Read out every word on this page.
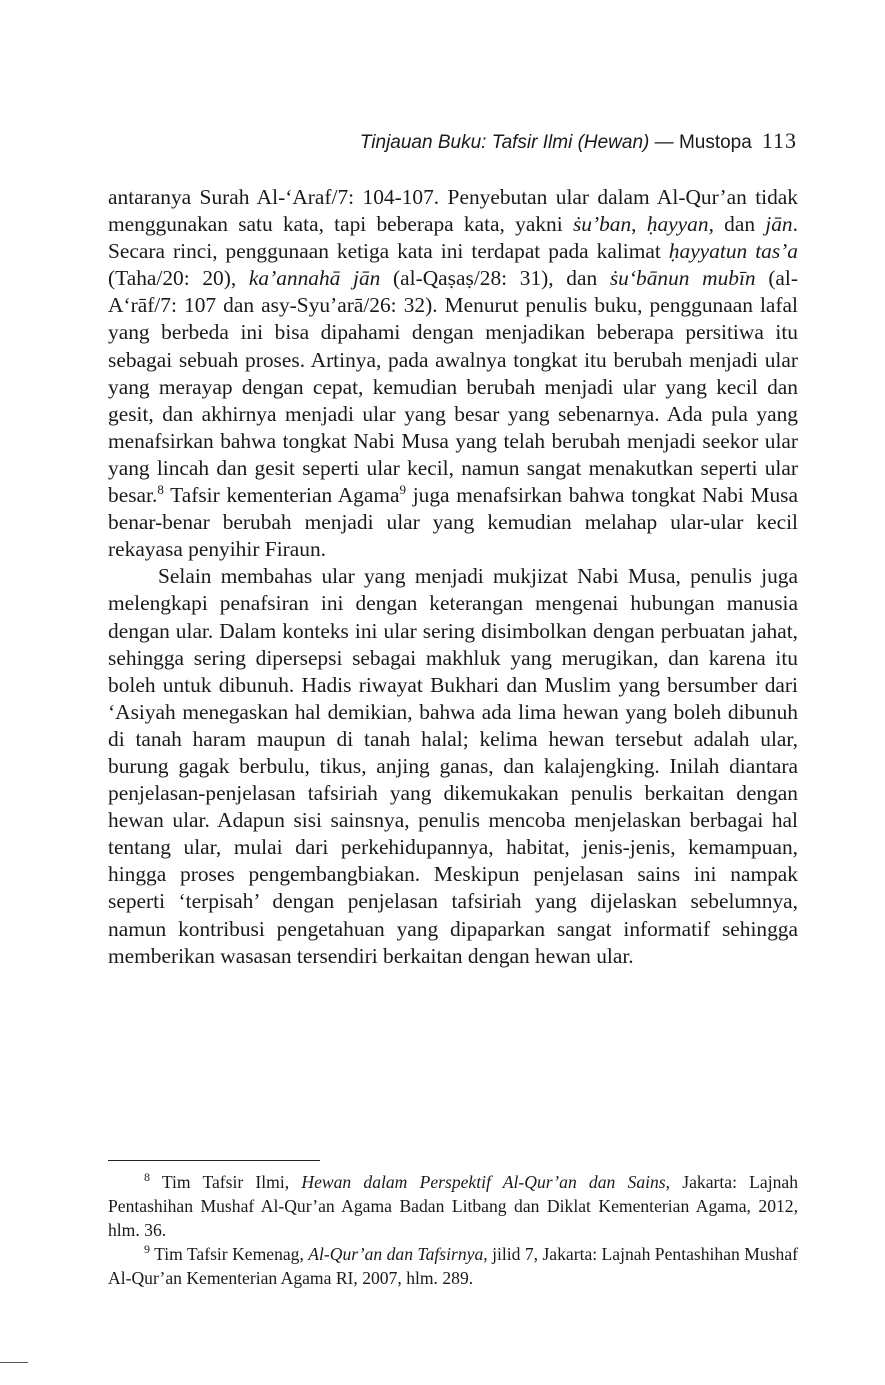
Tinjauan Buku: Tafsir Ilmi (Hewan) — Mustopa 113

antaranya Surah Al-‘Araf/7: 104-107. Penyebutan ular dalam Al-Qur’an tidak menggunakan satu kata, tapi beberapa kata, yakni ṡu’ban, ḥayyan, dan jān. Secara rinci, penggunaan ketiga kata ini terdapat pada kalimat ḥayyatun tas’a (Taha/20: 20), ka’annahā jān (al-Qaṣaṣ/28: 31), dan ṡu‘bānun mubīn (al-A‘rāf/7: 107 dan asy-Syu’arā/26: 32). Menurut penulis buku, penggunaan lafal yang berbeda ini bisa dipahami dengan menjadikan beberapa persitiwa itu sebagai sebuah proses. Artinya, pada awalnya tongkat itu berubah menjadi ular yang merayap dengan cepat, kemudian berubah menjadi ular yang kecil dan gesit, dan akhirnya menjadi ular yang besar yang sebenarnya. Ada pula yang menafsirkan bahwa tongkat Nabi Musa yang telah berubah menjadi seekor ular yang lincah dan gesit seperti ular kecil, namun sangat menakutkan seperti ular besar.$^8$ Tafsir kementerian Agama$^9$ juga menafsirkan bahwa tongkat Nabi Musa benar-benar berubah menjadi ular yang kemudian melahap ular-ular kecil rekayasa penyihir Firaun.

Selain membahas ular yang menjadi mukjizat Nabi Musa, penulis juga melengkapi penafsiran ini dengan keterangan mengenai hubungan manusia dengan ular. Dalam konteks ini ular sering disimbolkan dengan perbuatan jahat, sehingga sering dipersepsi sebagai makhluk yang merugikan, dan karena itu boleh untuk dibunuh. Hadis riwayat Bukhari dan Muslim yang bersumber dari ‘Asiyah menegaskan hal demikian, bahwa ada lima hewan yang boleh dibunuh di tanah haram maupun di tanah halal; kelima hewan tersebut adalah ular, burung gagak berbulu, tikus, anjing ganas, dan kalajengking. Inilah diantara penjelasan-penjelasan tafsiriah yang dikemukakan penulis berkaitan dengan hewan ular. Adapun sisi sainsnya, penulis mencoba menjelaskan berbagai hal tentang ular, mulai dari perkehidupannya, habitat, jenis-jenis, kemampuan, hingga proses pengembangbiakan. Meskipun penjelasan sains ini nampak seperti ‘terpisah’ dengan penjelasan tafsiriah yang dijelaskan sebelumnya, namun kontribusi pengetahuan yang dipaparkan sangat informatif sehingga memberikan wasasan tersendiri berkaitan dengan hewan ular.

$^8$ Tim Tafsir Ilmi, Hewan dalam Perspektif Al-Qur’an dan Sains, Jakarta: Lajnah Pentashihan Mushaf Al-Qur’an Agama Badan Litbang dan Diklat Kementerian Agama, 2012, hlm. 36.

$^9$ Tim Tafsir Kemenag, Al-Qur’an dan Tafsirnya, jilid 7, Jakarta: Lajnah Pentashihan Mushaf Al-Qur’an Kementerian Agama RI, 2007, hlm. 289.
